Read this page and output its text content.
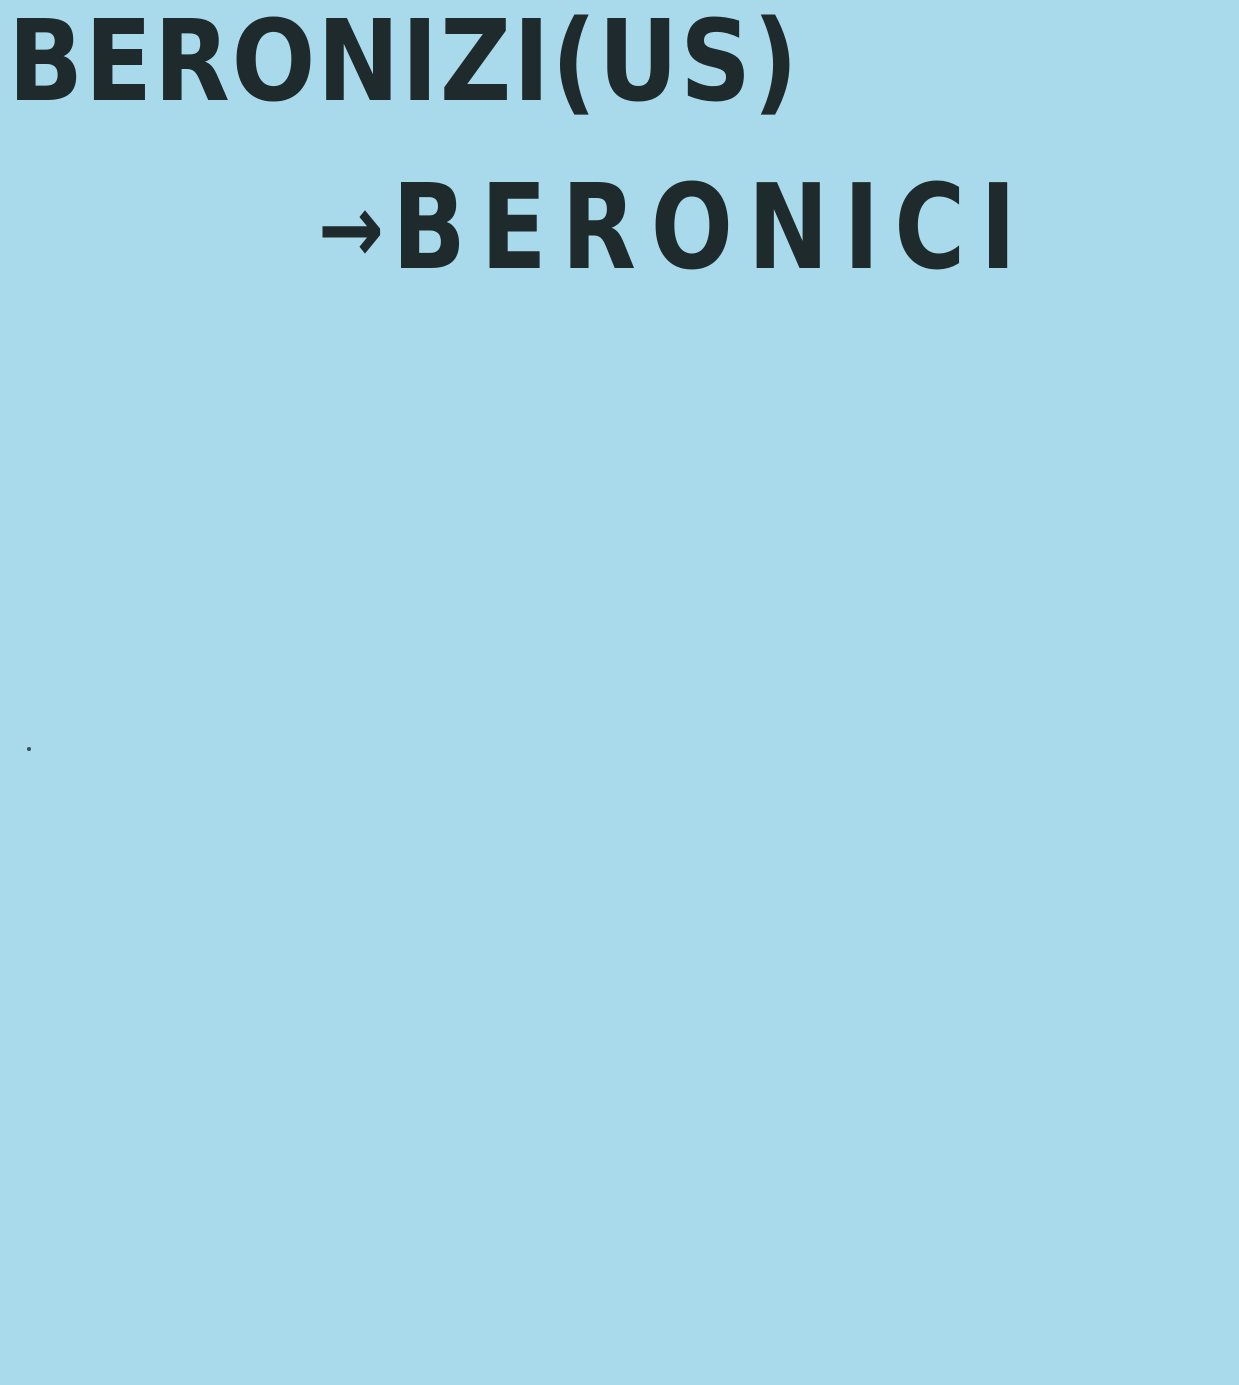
BERONIZI(US)

→BERONICI
